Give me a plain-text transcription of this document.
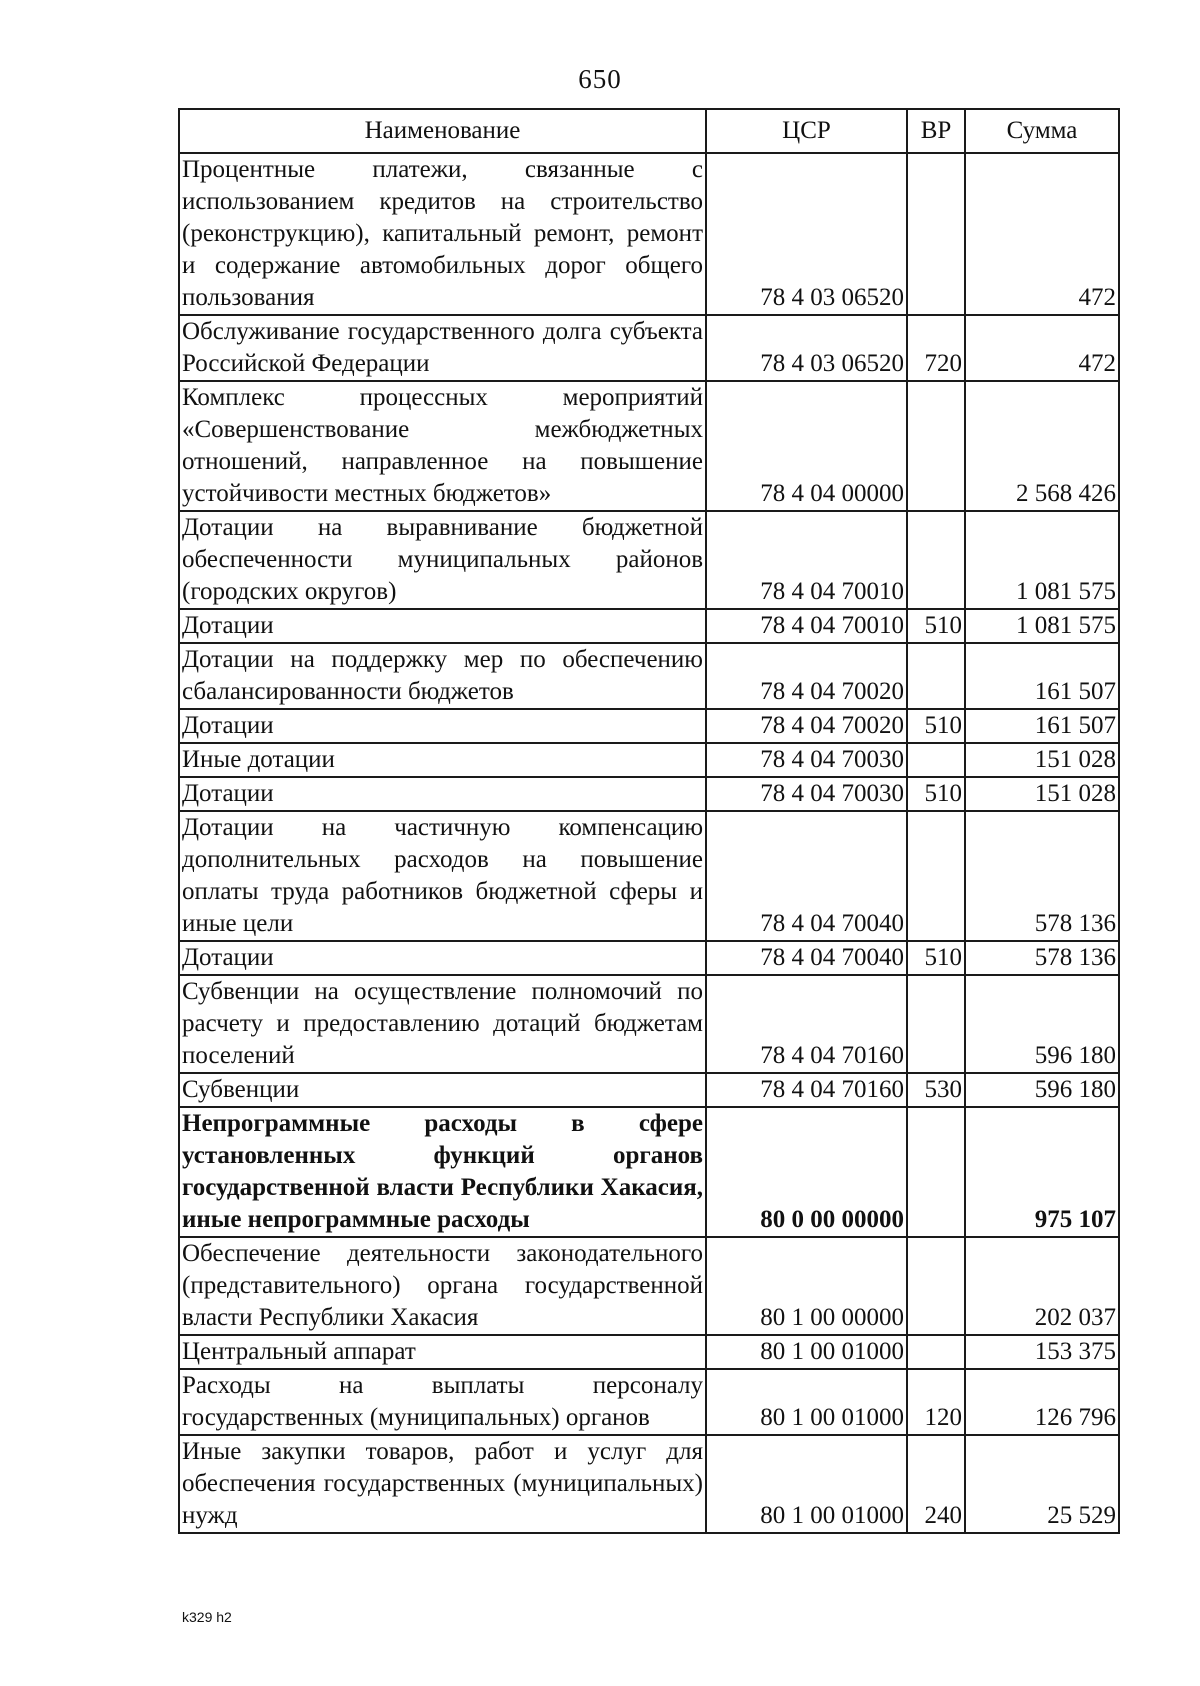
650
Наименование	ЦСР	ВР	Сумма
Процентные платежи, связанные с использованием кредитов на строительство (реконструкцию), капитальный ремонт, ремонт и содержание автомобильных дорог общего пользования	78 4 03 06520		472
Обслуживание государственного долга субъекта Российской Федерации	78 4 03 06520	720	472
Комплекс процессных мероприятий «Совершенствование межбюджетных отношений, направленное на повышение устойчивости местных бюджетов»	78 4 04 00000		2 568 426
Дотации на выравнивание бюджетной обеспеченности муниципальных районов (городских округов)	78 4 04 70010		1 081 575
Дотации	78 4 04 70010	510	1 081 575
Дотации на поддержку мер по обеспечению сбалансированности бюджетов	78 4 04 70020		161 507
Дотации	78 4 04 70020	510	161 507
Иные дотации	78 4 04 70030		151 028
Дотации	78 4 04 70030	510	151 028
Дотации на частичную компенсацию дополнительных расходов на повышение оплаты труда работников бюджетной сферы и иные цели	78 4 04 70040		578 136
Дотации	78 4 04 70040	510	578 136
Субвенции на осуществление полномочий по расчету и предоставлению дотаций бюджетам поселений	78 4 04 70160		596 180
Субвенции	78 4 04 70160	530	596 180
Непрограммные расходы в сфере установленных функций органов государственной власти Республики Хакасия, иные непрограммные расходы	80 0 00 00000		975 107
Обеспечение деятельности законодательного (представительного) органа государственной власти Республики Хакасия	80 1 00 00000		202 037
Центральный аппарат	80 1 00 01000		153 375
Расходы на выплаты персоналу государственных (муниципальных) органов	80 1 00 01000	120	126 796
Иные закупки товаров, работ и услуг для обеспечения государственных (муниципальных) нужд	80 1 00 01000	240	25 529
k329 h2
